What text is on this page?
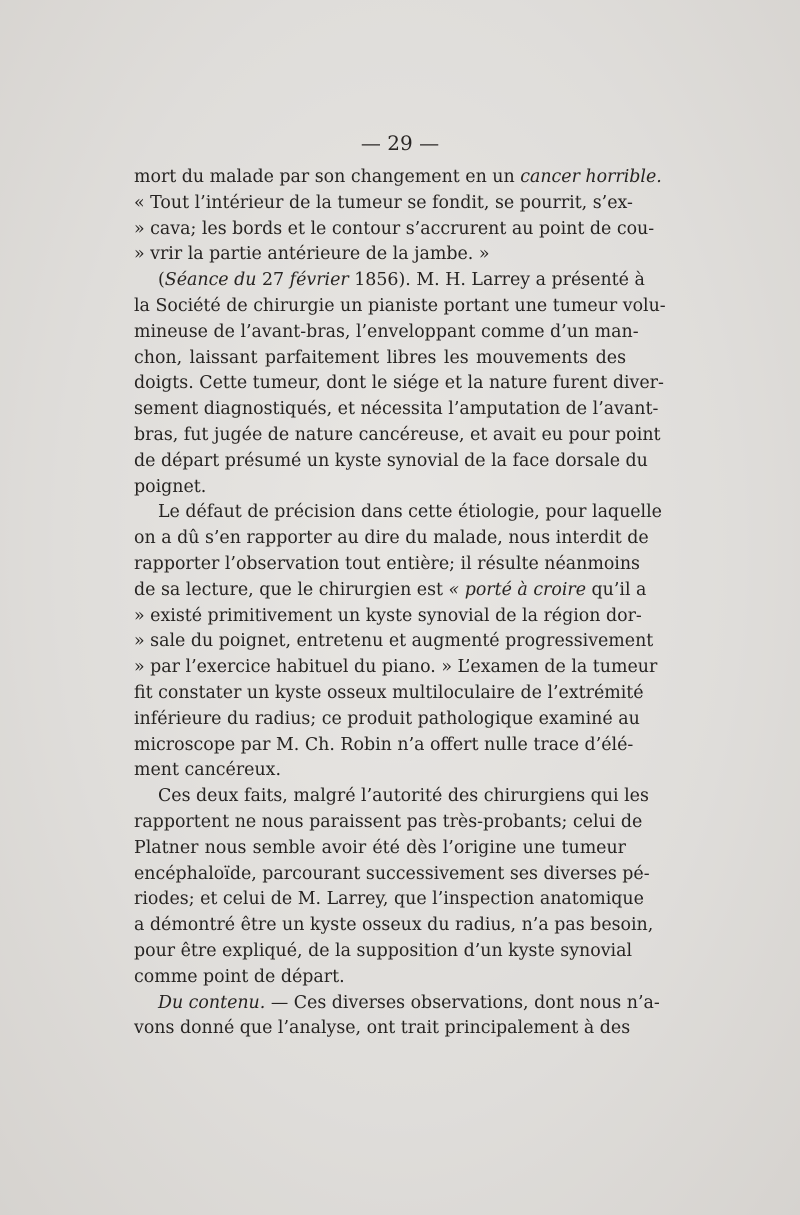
— 29 —
mort du malade par son changement en un cancer horrible.
« Tout l’intérieur de la tumeur se fondit, se pourrit, s’ex-
» cava; les bords et le contour s’accrurent au point de cou-
» vrir la partie antérieure de la jambe. »
(Séance du 27 février 1856). M. H. Larrey a présenté à
la Société de chirurgie un pianiste portant une tumeur volu-
mineuse de l’avant-bras, l’enveloppant comme d’un man-
chon, laissant parfaitement libres les mouvements des
doigts. Cette tumeur, dont le siége et la nature furent diver-
sement diagnostiqués, et nécessita l’amputation de l’avant-
bras, fut jugée de nature cancéreuse, et avait eu pour point
de départ présumé un kyste synovial de la face dorsale du
poignet.
Le défaut de précision dans cette étiologie, pour laquelle
on a dû s’en rapporter au dire du malade, nous interdit de
rapporter l’observation tout entière; il résulte néanmoins
de sa lecture, que le chirurgien est « porté à croire qu’il a
» existé primitivement un kyste synovial de la région dor-
» sale du poignet, entretenu et augmenté progressivement
» par l’exercice habituel du piano. » L’examen de la tumeur
fit constater un kyste osseux multiloculaire de l’extrémité
inférieure du radius; ce produit pathologique examiné au
microscope par M. Ch. Robin n’a offert nulle trace d’élé-
ment cancéreux.
Ces deux faits, malgré l’autorité des chirurgiens qui les
rapportent ne nous paraissent pas très-probants; celui de
Platner nous semble avoir été dès l’origine une tumeur
encéphaloïde, parcourant successivement ses diverses pé-
riodes; et celui de M. Larrey, que l’inspection anatomique
a démontré être un kyste osseux du radius, n’a pas besoin,
pour être expliqué, de la supposition d’un kyste synovial
comme point de départ.
Du contenu. — Ces diverses observations, dont nous n’a-
vons donné que l’analyse, ont trait principalement à des
